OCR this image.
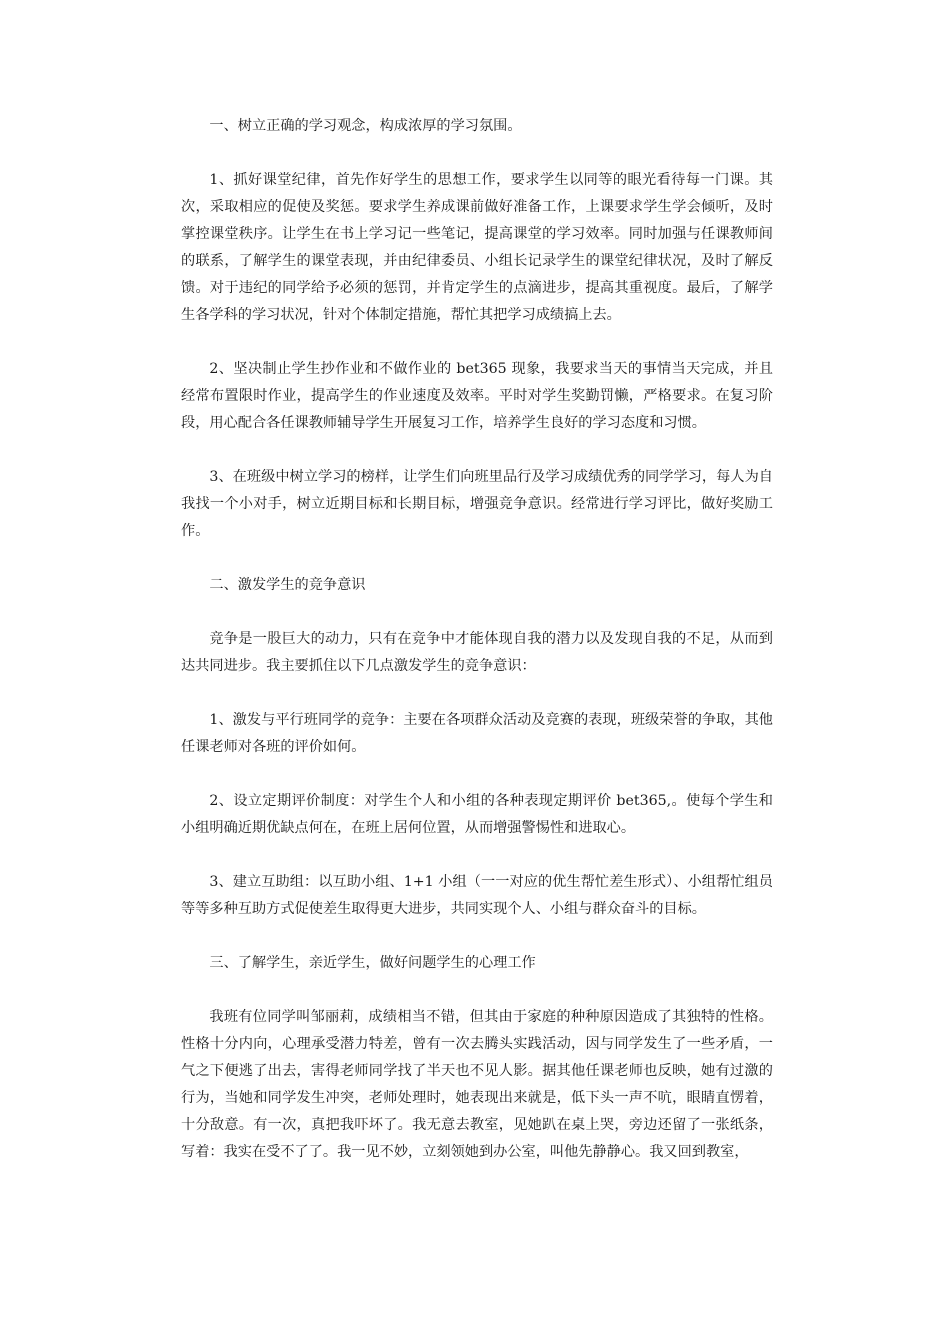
一、树立正确的学习观念，构成浓厚的学习氛围。

1、抓好课堂纪律，首先作好学生的思想工作，要求学生以同等的眼光看待每一门课。其次，采取相应的促使及奖惩。要求学生养成课前做好准备工作，上课要求学生学会倾听，及时掌控课堂秩序。让学生在书上学习记一些笔记，提高课堂的学习效率。同时加强与任课教师间的联系，了解学生的课堂表现，并由纪律委员、小组长记录学生的课堂纪律状况，及时了解反馈。对于违纪的同学给予必须的惩罚，并肯定学生的点滴进步，提高其重视度。最后，了解学生各学科的学习状况，针对个体制定措施，帮忙其把学习成绩搞上去。

2、坚决制止学生抄作业和不做作业的 bet365 现象，我要求当天的事情当天完成，并且经常布置限时作业，提高学生的作业速度及效率。平时对学生奖勤罚懒，严格要求。在复习阶段，用心配合各任课教师辅导学生开展复习工作，培养学生良好的学习态度和习惯。

3、在班级中树立学习的榜样，让学生们向班里品行及学习成绩优秀的同学学习，每人为自我找一个小对手，树立近期目标和长期目标，增强竞争意识。经常进行学习评比，做好奖励工作。

二、激发学生的竞争意识

竞争是一股巨大的动力，只有在竞争中才能体现自我的潜力以及发现自我的不足，从而到达共同进步。我主要抓住以下几点激发学生的竞争意识：

1、激发与平行班同学的竞争：主要在各项群众活动及竞赛的表现，班级荣誉的争取，其他任课老师对各班的评价如何。

2、设立定期评价制度：对学生个人和小组的各种表现定期评价 bet365,。使每个学生和小组明确近期优缺点何在，在班上居何位置，从而增强警惕性和进取心。

3、建立互助组：以互助小组、1+1 小组（一一对应的优生帮忙差生形式）、小组帮忙组员等等多种互助方式促使差生取得更大进步，共同实现个人、小组与群众奋斗的目标。

三、了解学生，亲近学生，做好问题学生的心理工作

我班有位同学叫邹丽莉，成绩相当不错，但其由于家庭的种种原因造成了其独特的性格。性格十分内向，心理承受潜力特差，曾有一次去腾头实践活动，因与同学发生了一些矛盾，一气之下便逃了出去，害得老师同学找了半天也不见人影。据其他任课老师也反映，她有过激的行为，当她和同学发生冲突，老师处理时，她表现出来就是，低下头一声不吭，眼睛直愣着，十分敌意。有一次，真把我吓坏了。我无意去教室，见她趴在桌上哭，旁边还留了一张纸条，写着：我实在受不了了。我一见不妙，立刻领她到办公室，叫他先静静心。我又回到教室，
